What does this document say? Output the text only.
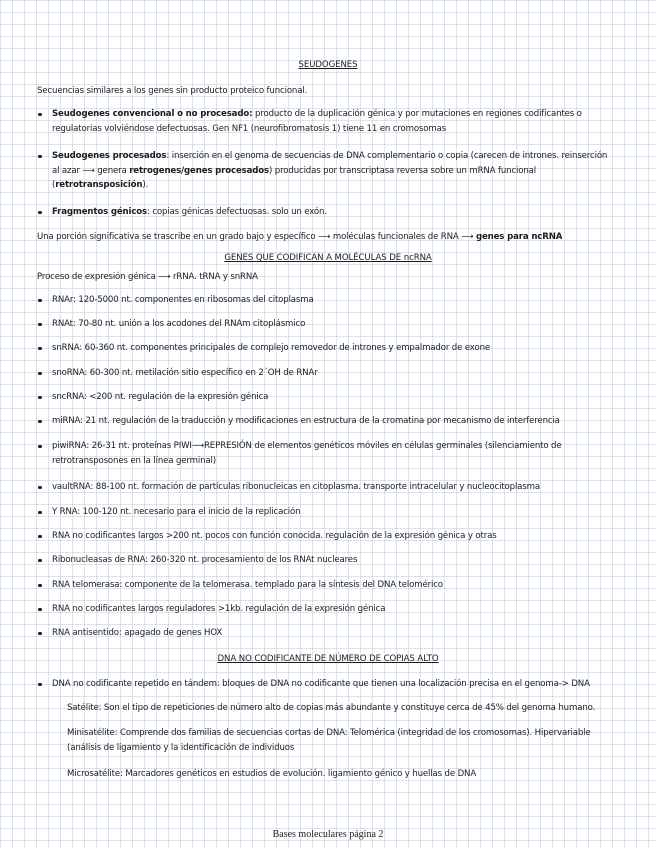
SEUDOGENES
Secuencias similares a los genes sin producto proteico funcional.
Seudogenes convencional o no procesado: producto de la duplicación génica y por mutaciones en regiones codificantes o regulatorias volviéndose defectuosas. Gen NF1 (neurofibromatosis 1) tiene 11 en cromosomas
Seudogenes procesados: inserción en el genoma de secuencias de DNA complementario o copia (carecen de intrones. reinserción al azar ⟶ genera retrogenes/genes procesados) producidas por transcriptasa reversa sobre un mRNA funcional (retrotransposición).
Fragmentos génicos: copias génicas defectuosas. solo un exón.
Una porción significativa se trascribe en un grado bajo y específico ⟶ moléculas funcionales de RNA ⟶ genes para ncRNA
GENES QUE CODIFICAN A MOLÉCULAS DE ncRNA
Proceso de expresión génica ⟶ rRNA. tRNA y snRNA
RNAr: 120-5000 nt. componentes en ribosomas del citoplasma
RNAt: 70-80 nt. unión a los acodones del RNAm citoplásmico
snRNA: 60-360 nt. componentes principales de complejo removedor de intrones y empalmador de exone
snoRNA: 60-300 nt. metilación sitio específico en 2´OH de RNAr
sncRNA: <200 nt. regulación de la expresión génica
miRNA: 21 nt. regulación de la traducción y modificaciones en estructura de la cromatina por mecanismo de interferencia
piwiRNA: 26-31 nt. proteínas PIWI⟶REPRESIÓN de elementos genéticos móviles en células germinales (silenciamiento de retrotransposones en la línea germinal)
vaultRNA: 88-100 nt. formación de partículas ribonucleicas en citoplasma. transporte intracelular y nucleocitoplasma
Y RNA: 100-120 nt. necesario para el inicio de la replicación
RNA no codificantes largos >200 nt. pocos con función conocida. regulación de la expresión génica y otras
Ribonucleasas de RNA: 260-320 nt. procesamiento de los RNAt nucleares
RNA telomerasa: componente de la telomerasa. templado para la síntesis del DNA telomérico
RNA no codificantes largos reguladores >1kb. regulación de la expresión génica
RNA antisentido: apagado de genes HOX
DNA NO CODIFICANTE DE NÚMERO DE COPIAS ALTO
DNA no codificante repetido en tándem: bloques de DNA no codificante que tienen una localización precisa en el genoma-> DNA
Satélite: Son el tipo de repeticiones de número alto de copias más abundante y constituye cerca de 45% del genoma humano.
Minisatélite: Comprende dos familias de secuencias cortas de DNA: Telomérica (integridad de los cromosomas). Hipervariable (análisis de ligamiento y la identificación de individuos
Microsatélite: Marcadores genéticos en estudios de evolución. ligamiento génico y huellas de DNA
Bases moleculares página 2
